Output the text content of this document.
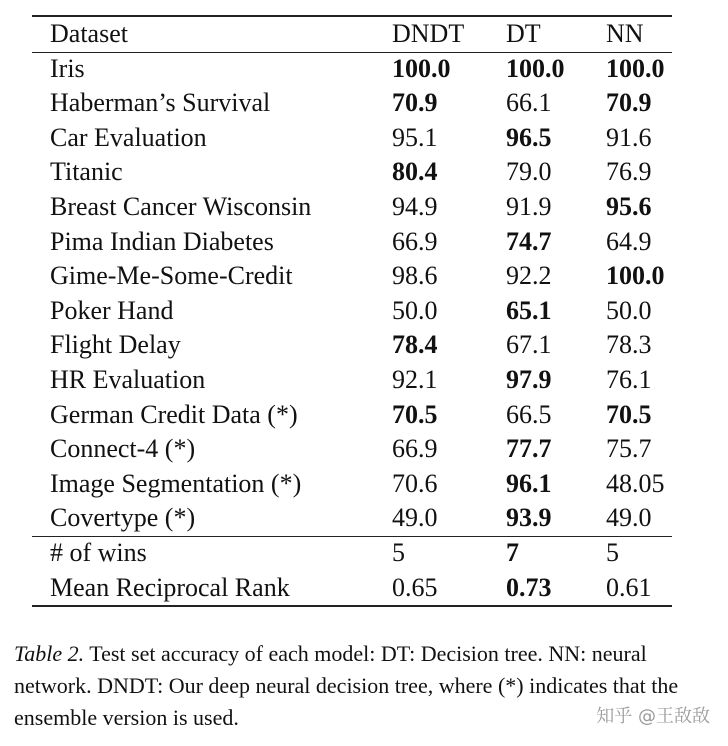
Dataset	DNDT	DT	NN
Iris	100.0	100.0	100.0
Haberman’s Survival	70.9	66.1	70.9
Car Evaluation	95.1	96.5	91.6
Titanic	80.4	79.0	76.9
Breast Cancer Wisconsin	94.9	91.9	95.6
Pima Indian Diabetes	66.9	74.7	64.9
Gime-Me-Some-Credit	98.6	92.2	100.0
Poker Hand	50.0	65.1	50.0
Flight Delay	78.4	67.1	78.3
HR Evaluation	92.1	97.9	76.1
German Credit Data (*)	70.5	66.5	70.5
Connect-4 (*)	66.9	77.7	75.7
Image Segmentation (*)	70.6	96.1	48.05
Covertype (*)	49.0	93.9	49.0
# of wins	5	7	5
Mean Reciprocal Rank	0.65	0.73	0.61
Table 2. Test set accuracy of each model: DT: Decision tree. NN: neural network. DNDT: Our deep neural decision tree, where (*) indicates that the ensemble version is used.	知乎 @王敌敌
